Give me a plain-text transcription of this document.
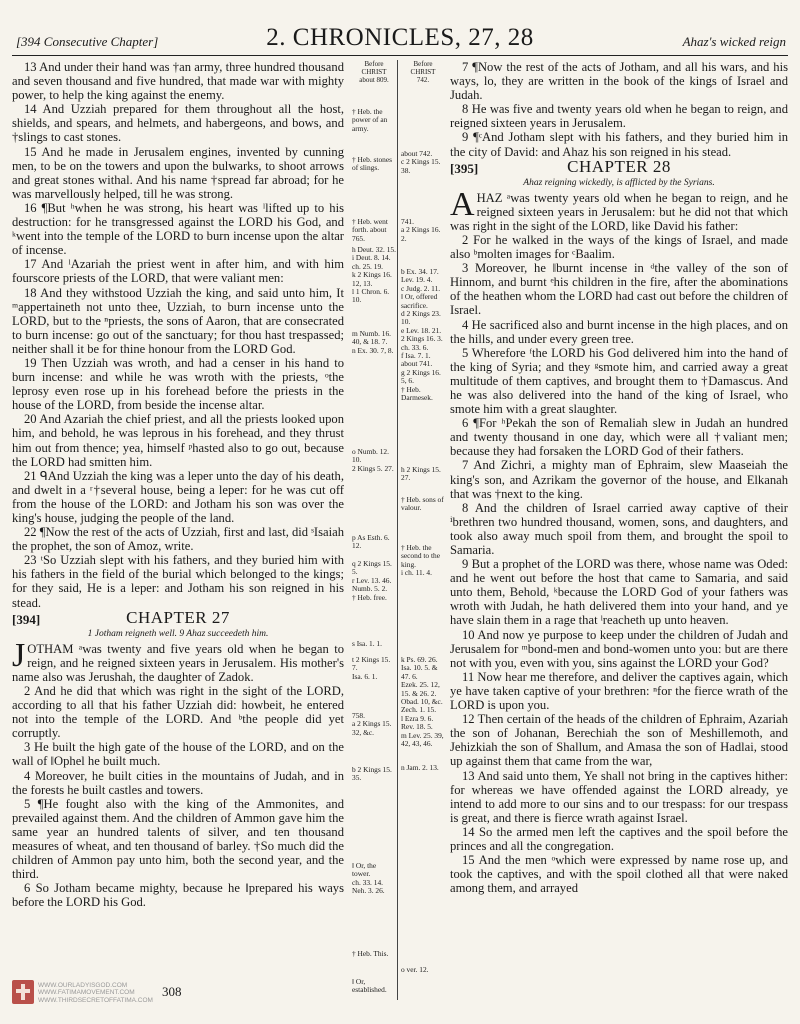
[394 Consecutive Chapter]	2. CHRONICLES, 27, 28	Ahaz's wicked reign

13 And under their hand was †an army, three hundred thousand and seven thousand and five hundred, that made war with mighty power, to help the king against the enemy.

14 And Uzziah prepared for them throughout all the host, shields, and spears, and helmets, and habergeons, and bows, and †slings to cast stones.

15 And he made in Jerusalem engines, invented by cunning men, to be on the towers and upon the bulwarks, to shoot arrows and great stones withal. And his name †spread far abroad; for he was marvellously helped, till he was strong.

16 ¶But ʰwhen he was strong, his heart was ˡlifted up to his destruction: for he transgressed against the LORD his God, and ᵏwent into the temple of the LORD to burn incense upon the altar of incense.

17 And ˡAzariah the priest went in after him, and with him fourscore priests of the LORD, that were valiant men:

18 And they withstood Uzziah the king, and said unto him, It ᵐappertaineth not unto thee, Uzziah, to burn incense unto the LORD, but to the ⁿpriests, the sons of Aaron, that are consecrated to burn incense: go out of the sanctuary; for thou hast trespassed; neither shall it be for thine honour from the LORD God.

19 Then Uzziah was wroth, and had a censer in his hand to burn incense: and while he was wroth with the priests, ᵒthe leprosy even rose up in his forehead before the priests in the house of the LORD, from beside the incense altar.

20 And Azariah the chief priest, and all the priests looked upon him, and behold, he was leprous in his forehead, and they thrust him out from thence; yea, himself ᵖhasted also to go out, because the LORD had smitten him.

21 ᑫAnd Uzziah the king was a leper unto the day of his death, and dwelt in a ʳ†several house, being a leper: for he was cut off from the house of the LORD: and Jotham his son was over the king's house, judging the people of the land.

22 ¶Now the rest of the acts of Uzziah, first and last, did ˢIsaiah the prophet, the son of Amoz, write.

23 ᵗSo Uzziah slept with his fathers, and they buried him with his fathers in the field of the burial which belonged to the kings; for they said, He is a leper: and Jotham his son reigned in his stead.

[394]	CHAPTER 27
1 Jotham reigneth well. 9 Ahaz succeedeth him.

JOTHAM ᵃwas twenty and five years old when he began to reign, and he reigned sixteen years in Jerusalem. His mother's name also was Jerushah, the daughter of Zadok.

2 And he did that which was right in the sight of the LORD, according to all that his father Uzziah did: howbeit, he entered not into the temple of the LORD. And ᵇthe people did yet corruptly.

3 He built the high gate of the house of the LORD, and on the wall of ‖Ophel he built much.

4 Moreover, he built cities in the mountains of Judah, and in the forests he built castles and towers.

5 ¶He fought also with the king of the Ammonites, and prevailed against them. And the children of Ammon gave him the same year an hundred talents of silver, and ten thousand measures of wheat, and ten thousand of barley. †So much did the children of Ammon pay unto him, both the second year, and the third.

6 So Jotham became mighty, because he ‖prepared his ways before the LORD his God.

Before
CHRIST
about 809.
Before
CHRIST
742.
† Heb. the power of an army.
† Heb. stones of slings.
† Heb. went forth. about 765.
h Deut. 32. 15.
i Deut. 8. 14.
ch. 25. 19.
k 2 Kings 16. 12, 13.
l 1 Chron. 6. 10.
m Numb. 16. 40, & 18. 7.
n Ex. 30. 7, 8.
o Numb. 12. 10.
2 Kings 5. 27.
p As Esth. 6. 12.
q 2 Kings 15. 5.
r Lev. 13. 46.
Numb. 5. 2.
† Heb. free.
s Isa. 1. 1.
t 2 Kings 15. 7.
Isa. 6. 1.
758.
a 2 Kings 15. 32, &c.
b 2 Kings 15. 35.
‖ Or, the tower.
ch. 33. 14.
Neh. 3. 26.
† Heb. This.
‖ Or, established.
about 742.
c 2 Kings 15. 38.
741.
a 2 Kings 16. 2.
b Ex. 34. 17.
Lev. 19. 4.
c Judg. 2. 11.
‖ Or, offered sacrifice.
d 2 Kings 23. 10.
e Lev. 18. 21.
2 Kings 16. 3.
ch. 33. 6.
f Isa. 7. 1. about 741.
g 2 Kings 16. 5, 6.
† Heb. Darmesek.
h 2 Kings 15. 27.
† Heb. sons of valour.
† Heb. the second to the king.
i ch. 11. 4.
k Ps. 69. 26.
Isa. 10. 5. & 47. 6.
Ezek. 25. 12, 15. & 26. 2.
Obad. 10, &c.
Zech. 1. 15.
l Ezra 9. 6.
Rev. 18. 5.
m Lev. 25. 39, 42, 43, 46.
n Jam. 2. 13.
o ver. 12.

7 ¶Now the rest of the acts of Jotham, and all his wars, and his ways, lo, they are written in the book of the kings of Israel and Judah.

8 He was five and twenty years old when he began to reign, and reigned sixteen years in Jerusalem.

9 ¶ᶜAnd Jotham slept with his fathers, and they buried him in the city of David: and Ahaz his son reigned in his stead.

[395]	CHAPTER 28
Ahaz reigning wickedly, is afflicted by the Syrians.

AHAZ ᵃwas twenty years old when he began to reign, and he reigned sixteen years in Jerusalem: but he did not that which was right in the sight of the LORD, like David his father:

2 For he walked in the ways of the kings of Israel, and made also ᵇmolten images for ᶜBaalim.

3 Moreover, he ‖burnt incense in ᵈthe valley of the son of Hinnom, and burnt ᵉhis children in the fire, after the abominations of the heathen whom the LORD had cast out before the children of Israel.

4 He sacrificed also and burnt incense in the high places, and on the hills, and under every green tree.

5 Wherefore ᶠthe LORD his God delivered him into the hand of the king of Syria; and they ᵍsmote him, and carried away a great multitude of them captives, and brought them to †Damascus. And he was also delivered into the hand of the king of Israel, who smote him with a great slaughter.

6 ¶For ʰPekah the son of Remaliah slew in Judah an hundred and twenty thousand in one day, which were all †valiant men; because they had forsaken the LORD God of their fathers.

7 And Zichri, a mighty man of Ephraim, slew Maaseiah the king's son, and Azrikam the governor of the house, and Elkanah that was †next to the king.

8 And the children of Israel carried away captive of their ⁱbrethren two hundred thousand, women, sons, and daughters, and took also away much spoil from them, and brought the spoil to Samaria.

9 But a prophet of the LORD was there, whose name was Oded: and he went out before the host that came to Samaria, and said unto them, Behold, ᵏbecause the LORD God of your fathers was wroth with Judah, he hath delivered them into your hand, and ye have slain them in a rage that ˡreacheth up unto heaven.

10 And now ye purpose to keep under the children of Judah and Jerusalem for ᵐbond-men and bond-women unto you: but are there not with you, even with you, sins against the LORD your God?

11 Now hear me therefore, and deliver the captives again, which ye have taken captive of your brethren: ⁿfor the fierce wrath of the LORD is upon you.

12 Then certain of the heads of the children of Ephraim, Azariah the son of Johanan, Berechiah the son of Meshillemoth, and Jehizkiah the son of Shallum, and Amasa the son of Hadlai, stood up against them that came from the war,

13 And said unto them, Ye shall not bring in the captives hither: for whereas we have offended against the LORD already, ye intend to add more to our sins and to our trespass: for our trespass is great, and there is fierce wrath against Israel.

14 So the armed men left the captives and the spoil before the princes and all the congregation.

15 And the men ᵒwhich were expressed by name rose up, and took the captives, and with the spoil clothed all that were naked among them, and arrayed

WWW.OURLADYISGOD.COM
WWW.FATIMAMOVEMENT.COM
WWW.THIRDSECRETOFFATIMA.COM
308
